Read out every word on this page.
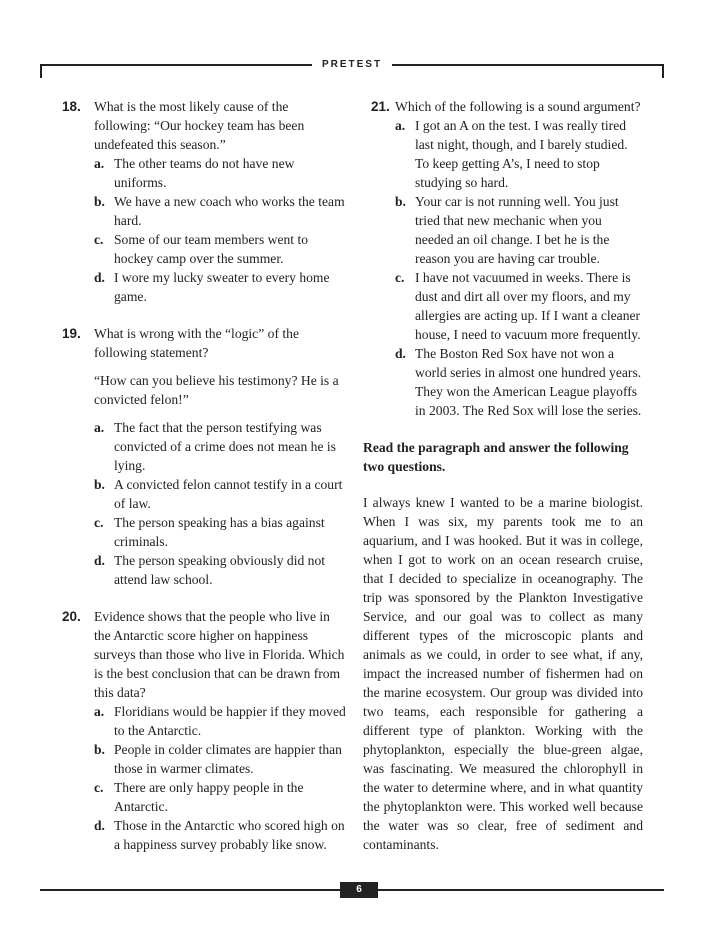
PRETEST
18. What is the most likely cause of the following: “Our hockey team has been undefeated this season.”
a. The other teams do not have new uniforms.
b. We have a new coach who works the team hard.
c. Some of our team members went to hockey camp over the summer.
d. I wore my lucky sweater to every home game.
19. What is wrong with the “logic” of the following statement?
“How can you believe his testimony? He is a convicted felon!”
a. The fact that the person testifying was convicted of a crime does not mean he is lying.
b. A convicted felon cannot testify in a court of law.
c. The person speaking has a bias against criminals.
d. The person speaking obviously did not attend law school.
20. Evidence shows that the people who live in the Antarctic score higher on happiness surveys than those who live in Florida. Which is the best conclusion that can be drawn from this data?
a. Floridians would be happier if they moved to the Antarctic.
b. People in colder climates are happier than those in warmer climates.
c. There are only happy people in the Antarctic.
d. Those in the Antarctic who scored high on a happiness survey probably like snow.
21. Which of the following is a sound argument?
a. I got an A on the test. I was really tired last night, though, and I barely studied. To keep getting A’s, I need to stop studying so hard.
b. Your car is not running well. You just tried that new mechanic when you needed an oil change. I bet he is the reason you are having car trouble.
c. I have not vacuumed in weeks. There is dust and dirt all over my floors, and my allergies are acting up. If I want a cleaner house, I need to vacuum more frequently.
d. The Boston Red Sox have not won a world series in almost one hundred years. They won the American League playoffs in 2003. The Red Sox will lose the series.
Read the paragraph and answer the following two questions.
I always knew I wanted to be a marine biologist. When I was six, my parents took me to an aquarium, and I was hooked. But it was in college, when I got to work on an ocean research cruise, that I decided to specialize in oceanography. The trip was sponsored by the Plankton Investigative Service, and our goal was to collect as many different types of the microscopic plants and animals as we could, in order to see what, if any, impact the increased number of fishermen had on the marine ecosystem. Our group was divided into two teams, each responsible for gathering a different type of plankton. Working with the phytoplankton, especially the blue-green algae, was fascinating. We measured the chlorophyll in the water to determine where, and in what quantity the phytoplankton were. This worked well because the water was so clear, free of sediment and contaminants.
6
